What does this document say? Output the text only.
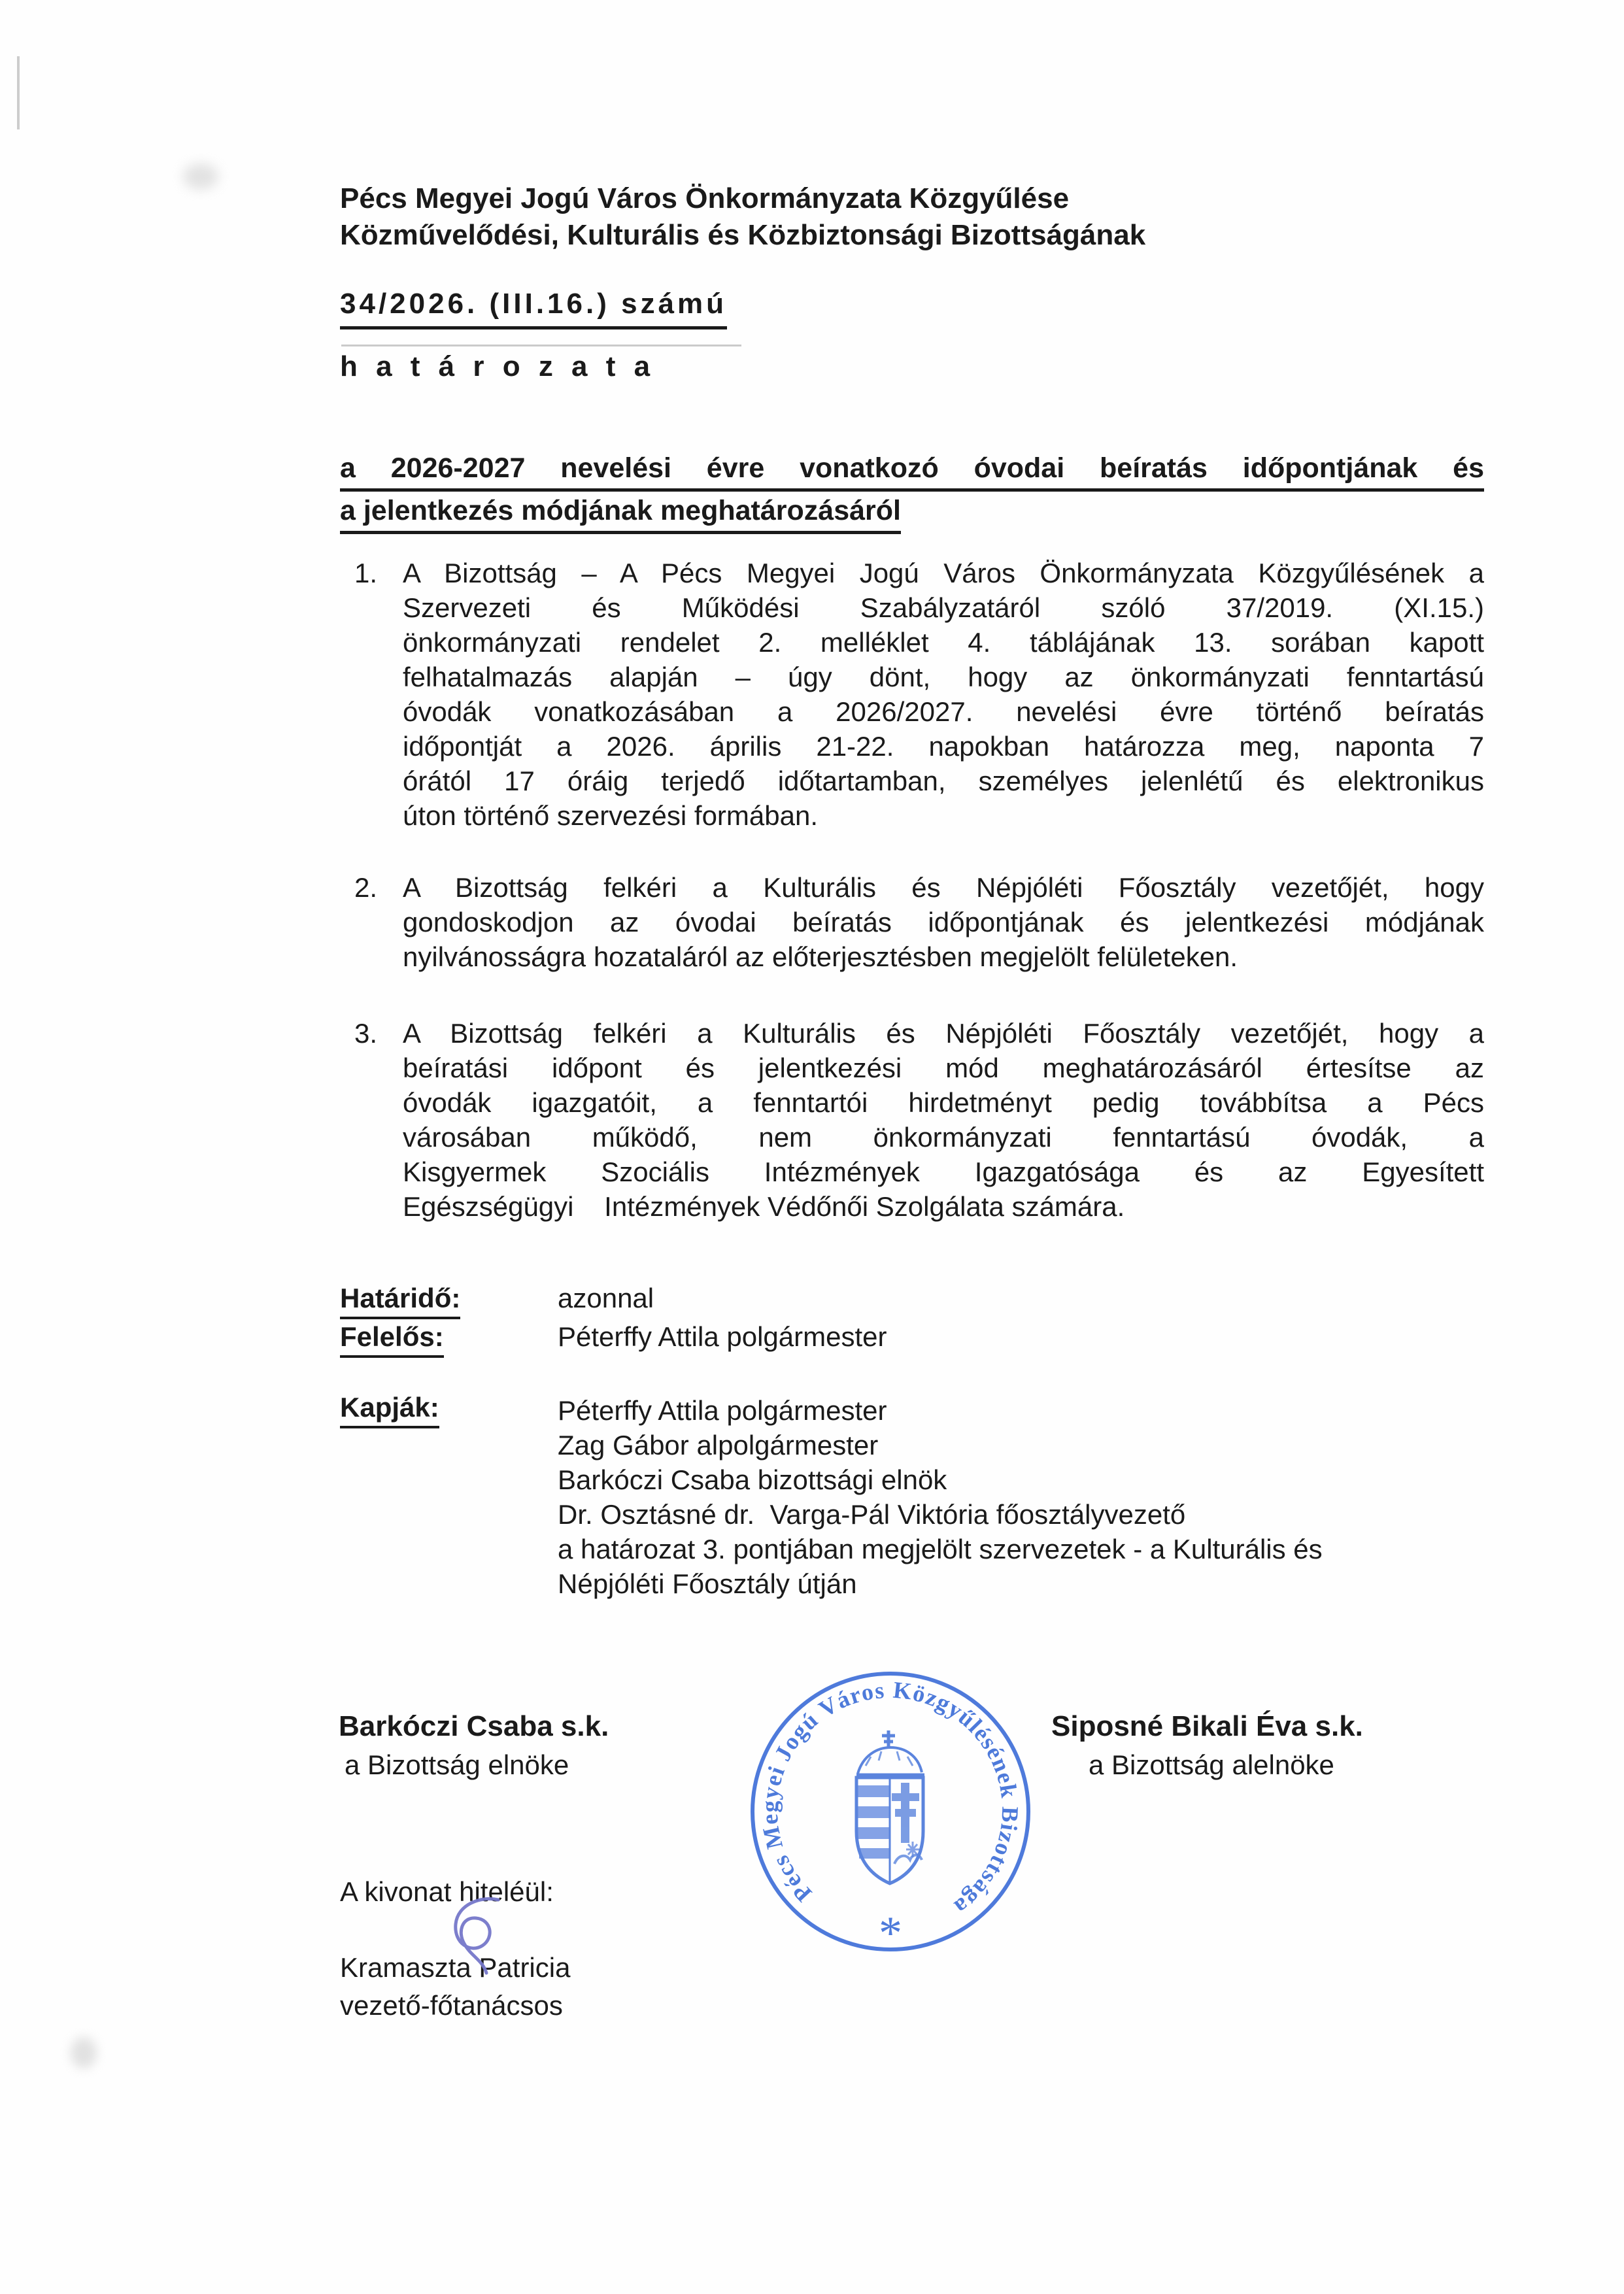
Pécs Megyei Jogú Város Önkormányzata Közgyűlése
Közművelődési, Kulturális és Közbiztonsági Bizottságának
34/2026. (III.16.) számú
h a t á r o z a t a
a 2026-2027 nevelési évre vonatkozó óvodai beíratás időpontjának és
a jelentkezés módjának meghatározásáról
1. A Bizottság – A Pécs Megyei Jogú Város Önkormányzata Közgyűlésének a
Szervezeti és Működési Szabályzatáról szóló 37/2019. (XI.15.)
önkormányzati rendelet 2. melléklet 4. táblájának 13. sorában kapott
felhatalmazás alapján – úgy dönt, hogy az önkormányzati fenntartású
óvodák vonatkozásában a 2026/2027. nevelési évre történő beíratás
időpontját a 2026. április 21-22. napokban határozza meg, naponta 7
órától 17 óráig terjedő időtartamban, személyes jelenlétű és elektronikus
úton történő szervezési formában.
2. A Bizottság felkéri a Kulturális és Népjóléti Főosztály vezetőjét, hogy
gondoskodjon az óvodai beíratás időpontjának és jelentkezési módjának
nyilvánosságra hozataláról az előterjesztésben megjelölt felületeken.
3. A Bizottság felkéri a Kulturális és Népjóléti Főosztály vezetőjét, hogy a
beíratási időpont és jelentkezési mód meghatározásáról értesítse az
óvodák igazgatóit, a fenntartói hirdetményt pedig továbbítsa a Pécs
városában működő, nem önkormányzati fenntartású óvodák, a
Kisgyermek Szociális Intézmények Igazgatósága és az Egyesített
Egészségügyi    Intézmények Védőnői Szolgálata számára.
Határidő:	azonnal
Felelős:	Péterffy Attila polgármester
Kapják:	Péterffy Attila polgármester
Zag Gábor alpolgármester
Barkóczi Csaba bizottsági elnök
Dr. Osztásné dr.  Varga-Pál Viktória főosztályvezető
a határozat 3. pontjában megjelölt szervezetek - a Kulturális és
Népjóléti Főosztály útján
Barkóczi Csaba s.k.
a Bizottság elnöke
Siposné Bikali Éva s.k.
a Bizottság alelnöke
Pécs Megyei Jogú Város Közgyűlésének Bizottsága
*
A kivonat hiteléül:
Kramaszta Patricia
vezető-főtanácsos
